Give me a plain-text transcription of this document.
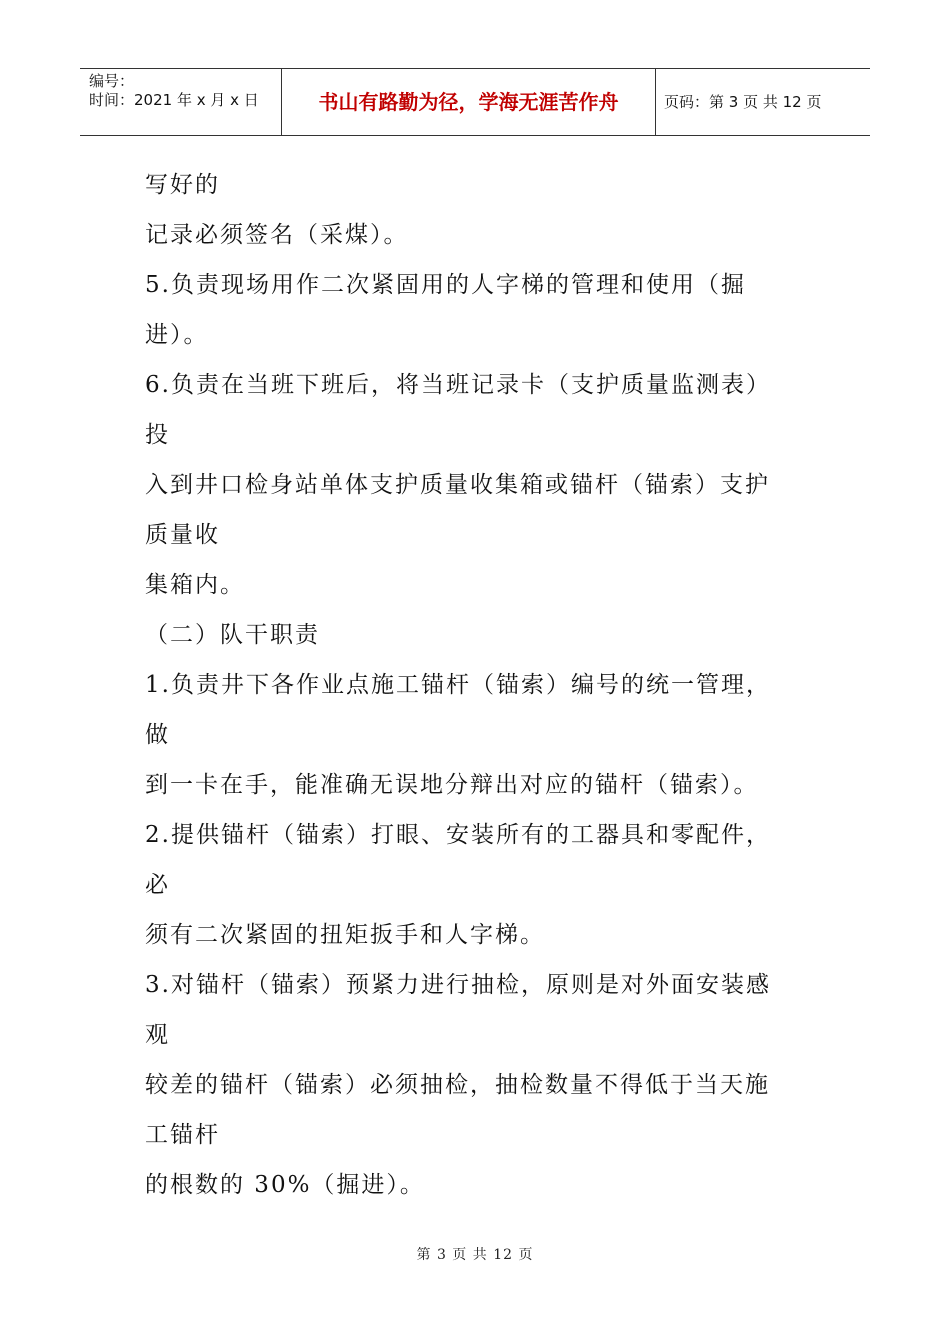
编号：
时间：2021 年 x 月 x 日	书山有路勤为径，学海无涯苦作舟	页码：第 3 页 共 12 页
写好的
记录必须签名（采煤）。
5.负责现场用作二次紧固用的人字梯的管理和使用（掘
进）。
6.负责在当班下班后，将当班记录卡（支护质量监测表）
投
入到井口检身站单体支护质量收集箱或锚杆（锚索）支护
质量收
集箱内。
（二）队干职责
1.负责井下各作业点施工锚杆（锚索）编号的统一管理，
做
到一卡在手，能准确无误地分辩出对应的锚杆（锚索）。
2.提供锚杆（锚索）打眼、安装所有的工器具和零配件，
必
须有二次紧固的扭矩扳手和人字梯。
3.对锚杆（锚索）预紧力进行抽检，原则是对外面安装感
观
较差的锚杆（锚索）必须抽检，抽检数量不得低于当天施
工锚杆
的根数的 30%（掘进）。
第 3 页 共 12 页
